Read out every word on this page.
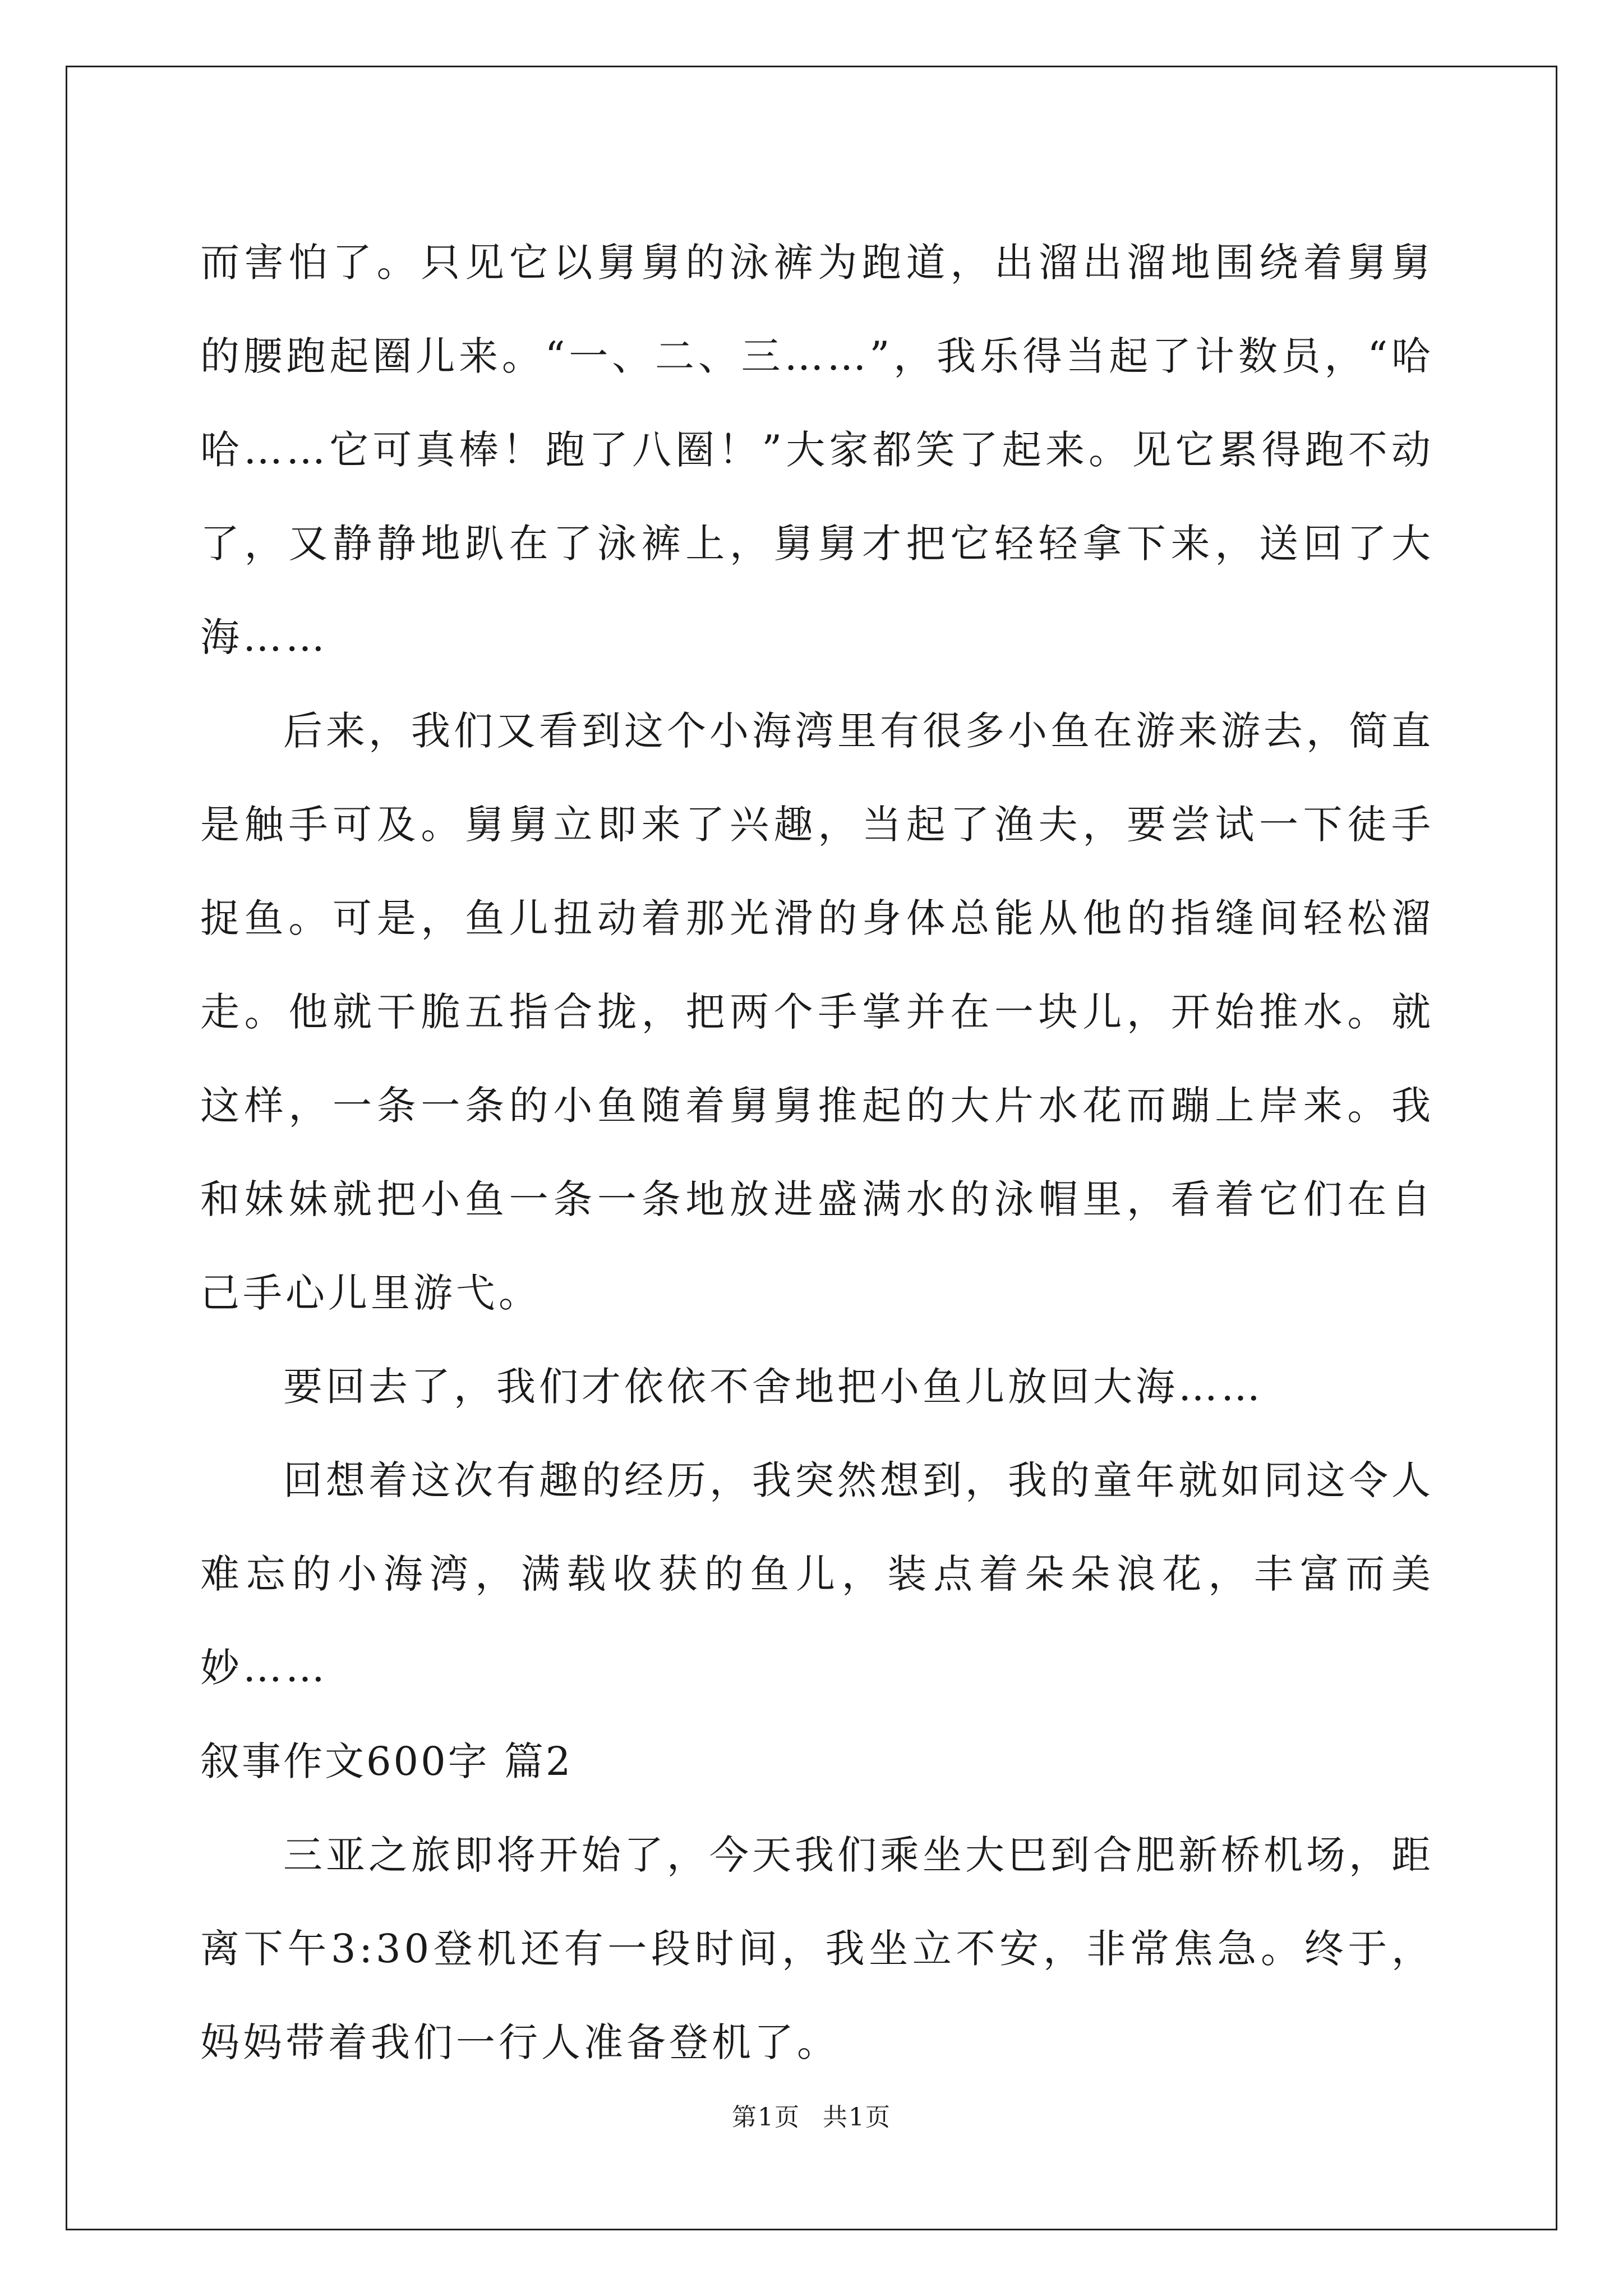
而害怕了。只见它以舅舅的泳裤为跑道，出溜出溜地围绕着舅舅的腰跑起圈儿来。“一、二、三……”，我乐得当起了计数员，“哈哈……它可真棒！跑了八圈！”大家都笑了起来。见它累得跑不动了，又静静地趴在了泳裤上，舅舅才把它轻轻拿下来，送回了大海……

后来，我们又看到这个小海湾里有很多小鱼在游来游去，简直是触手可及。舅舅立即来了兴趣，当起了渔夫，要尝试一下徒手捉鱼。可是，鱼儿扭动着那光滑的身体总能从他的指缝间轻松溜走。他就干脆五指合拢，把两个手掌并在一块儿，开始推水。就这样，一条一条的小鱼随着舅舅推起的大片水花而蹦上岸来。我和妹妹就把小鱼一条一条地放进盛满水的泳帽里，看着它们在自己手心儿里游弋。

要回去了，我们才依依不舍地把小鱼儿放回大海……

回想着这次有趣的经历，我突然想到，我的童年就如同这令人难忘的小海湾，满载收获的鱼儿，装点着朵朵浪花，丰富而美妙……

叙事作文600字 篇2

三亚之旅即将开始了，今天我们乘坐大巴到合肥新桥机场，距离下午3:30登机还有一段时间，我坐立不安，非常焦急。终于，妈妈带着我们一行人准备登机了。

第1页 共1页
